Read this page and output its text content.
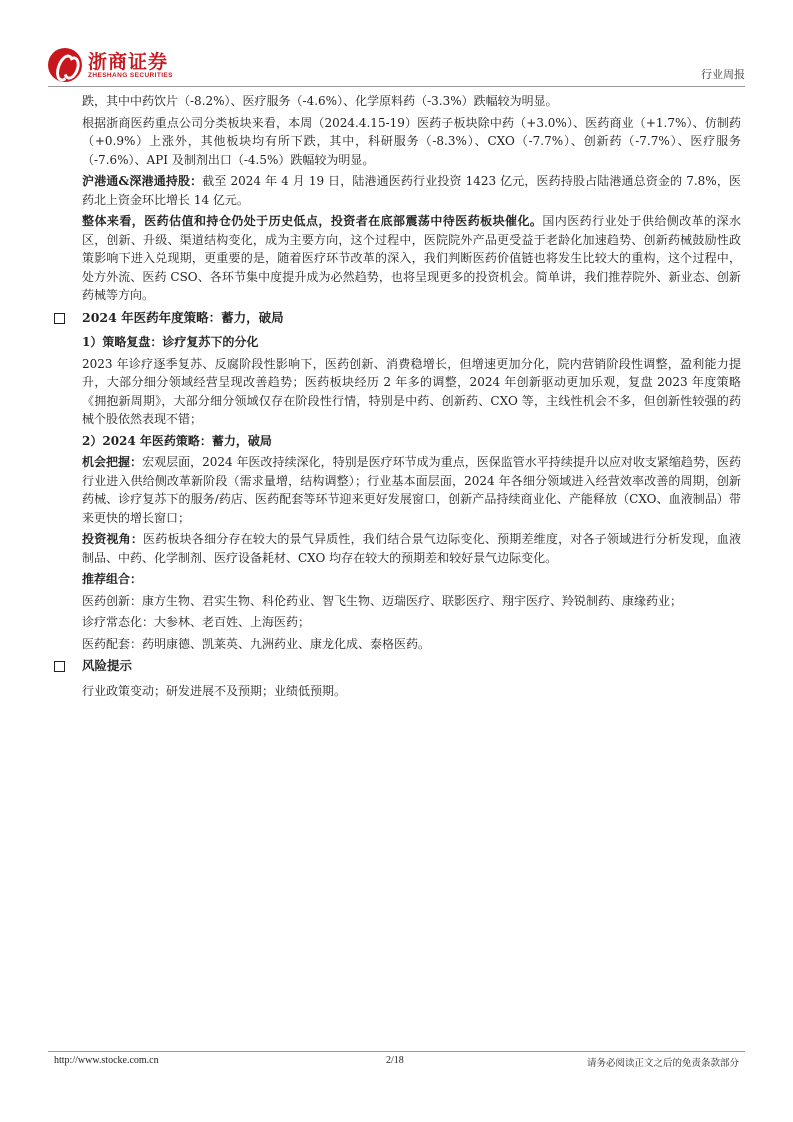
浙商证券
ZHESHANG SECURITIES	行业周报

跌，其中中药饮片（-8.2%）、医疗服务（-4.6%）、化学原料药（-3.3%）跌幅较为明显。

根据浙商医药重点公司分类板块来看，本周（2024.4.15-19）医药子板块除中药（+3.0%）、医药商业（+1.7%）、仿制药（+0.9%）上涨外，其他板块均有所下跌，其中，科研服务（-8.3%）、CXO（-7.7%）、创新药（-7.7%）、医疗服务（-7.6%）、API 及制剂出口（-4.5%）跌幅较为明显。

沪港通&深港通持股：截至 2024 年 4 月 19 日，陆港通医药行业投资 1423 亿元，医药持股占陆港通总资金的 7.8%，医药北上资金环比增长 14 亿元。

整体来看，医药估值和持仓仍处于历史低点，投资者在底部震荡中待医药板块催化。国内医药行业处于供给侧改革的深水区，创新、升级、渠道结构变化，成为主要方向，这个过程中，医院院外产品更受益于老龄化加速趋势、创新药械鼓励性政策影响下进入兑现期，更重要的是，随着医疗环节改革的深入，我们判断医药价值链也将发生比较大的重构，这个过程中，处方外流、医药 CSO、各环节集中度提升成为必然趋势，也将呈现更多的投资机会。简单讲，我们推荐院外、新业态、创新药械等方向。

2024 年医药年度策略：蓄力，破局
1）策略复盘：诊疗复苏下的分化

2023 年诊疗逐季复苏、反腐阶段性影响下，医药创新、消费稳增长，但增速更加分化，院内营销阶段性调整，盈利能力提升，大部分细分领域经营呈现改善趋势；医药板块经历 2 年多的调整，2024 年创新驱动更加乐观，复盘 2023 年度策略《拥抱新周期》，大部分细分领域仅存在阶段性行情，特别是中药、创新药、CXO 等，主线性机会不多，但创新性较强的药械个股依然表现不错；

2）2024 年医药策略：蓄力，破局

机会把握：宏观层面，2024 年医改持续深化，特别是医疗环节成为重点，医保监管水平持续提升以应对收支紧缩趋势，医药行业进入供给侧改革新阶段（需求量增，结构调整）；行业基本面层面，2024 年各细分领域进入经营效率改善的周期，创新药械、诊疗复苏下的服务/药店、医药配套等环节迎来更好发展窗口，创新产品持续商业化、产能释放（CXO、血液制品）带来更快的增长窗口；

投资视角：医药板块各细分存在较大的景气异质性，我们结合景气边际变化、预期差维度，对各子领域进行分析发现，血液制品、中药、化学制剂、医疗设备耗材、CXO 均存在较大的预期差和较好景气边际变化。

推荐组合：

医药创新：康方生物、君实生物、科伦药业、智飞生物、迈瑞医疗、联影医疗、翔宇医疗、羚锐制药、康缘药业；

诊疗常态化：大参林、老百姓、上海医药；

医药配套：药明康德、凯莱英、九洲药业、康龙化成、泰格医药。

风险提示

行业政策变动；研发进展不及预期；业绩低预期。

http://www.stocke.com.cn	2/18	请务必阅读正文之后的免责条款部分
